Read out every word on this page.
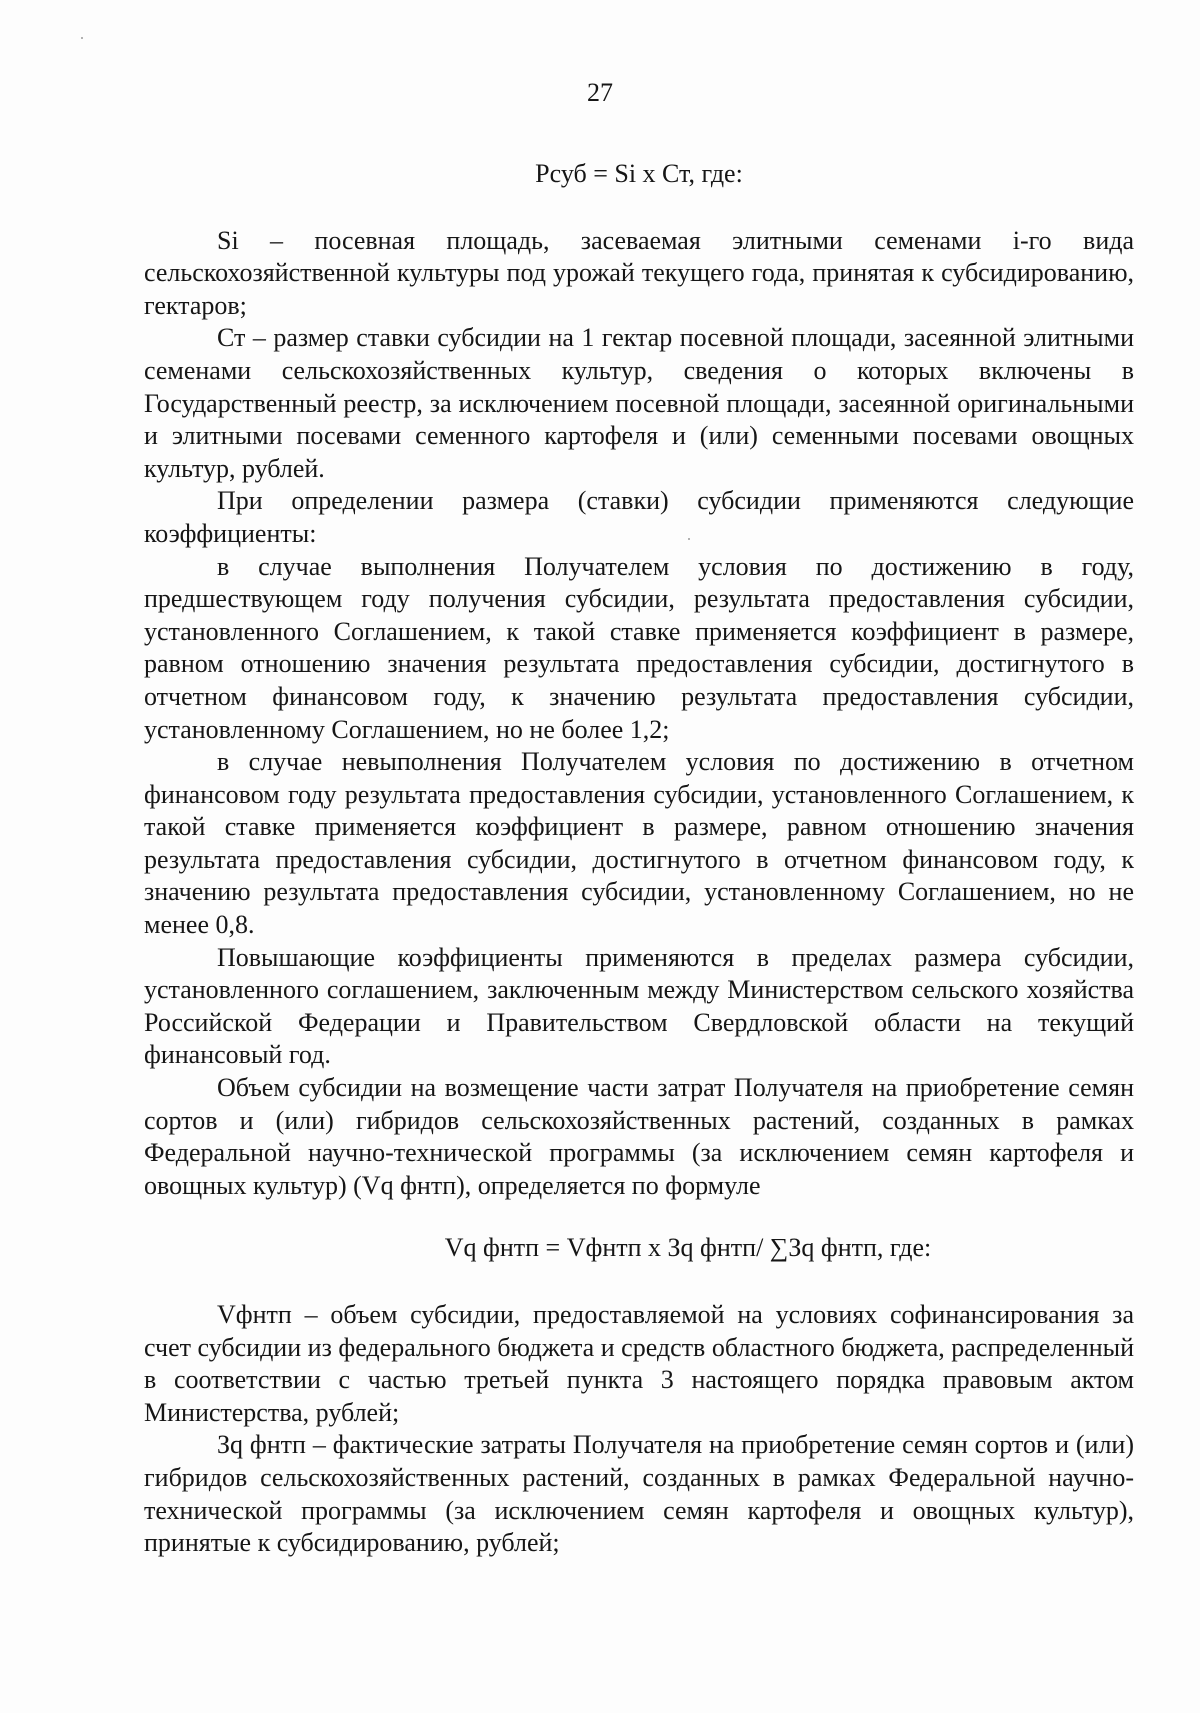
27
Рсуб = Si x Ст, где:

Si – посевная площадь, засеваемая элитными семенами i-го вида сельскохозяйственной культуры под урожай текущего года, принятая к субсидированию, гектаров;

Ст – размер ставки субсидии на 1 гектар посевной площади, засеянной элитными семенами сельскохозяйственных культур, сведения о которых включены в Государственный реестр, за исключением посевной площади, засеянной оригинальными и элитными посевами семенного картофеля и (или) семенными посевами овощных культур, рублей.

При определении размера (ставки) субсидии применяются следующие коэффициенты:

в случае выполнения Получателем условия по достижению в году, предшествующем году получения субсидии, результата предоставления субсидии, установленного Соглашением, к такой ставке применяется коэффициент в размере, равном отношению значения результата предоставления субсидии, достигнутого в отчетном финансовом году, к значению результата предоставления субсидии, установленному Соглашением, но не более 1,2;

в случае невыполнения Получателем условия по достижению в отчетном финансовом году результата предоставления субсидии, установленного Соглашением, к такой ставке применяется коэффициент в размере, равном отношению значения результата предоставления субсидии, достигнутого в отчетном финансовом году, к значению результата предоставления субсидии, установленному Соглашением, но не менее 0,8.

Повышающие коэффициенты применяются в пределах размера субсидии, установленного соглашением, заключенным между Министерством сельского хозяйства Российской Федерации и Правительством Свердловской области на текущий финансовый год.

Объем субсидии на возмещение части затрат Получателя на приобретение семян сортов и (или) гибридов сельскохозяйственных растений, созданных в рамках Федеральной научно-технической программы (за исключением семян картофеля и овощных культур) (Vq фнтп), определяется по формуле

Vq фнтп = Vфнтп x Зq фнтп/ ∑Зq фнтп, где:

Vфнтп – объем субсидии, предоставляемой на условиях софинансирования за счет субсидии из федерального бюджета и средств областного бюджета, распределенный в соответствии с частью третьей пункта 3 настоящего порядка правовым актом Министерства, рублей;

Зq фнтп – фактические затраты Получателя на приобретение семян сортов и (или) гибридов сельскохозяйственных растений, созданных в рамках Федеральной научно-технической программы (за исключением семян картофеля и овощных культур), принятые к субсидированию, рублей;
